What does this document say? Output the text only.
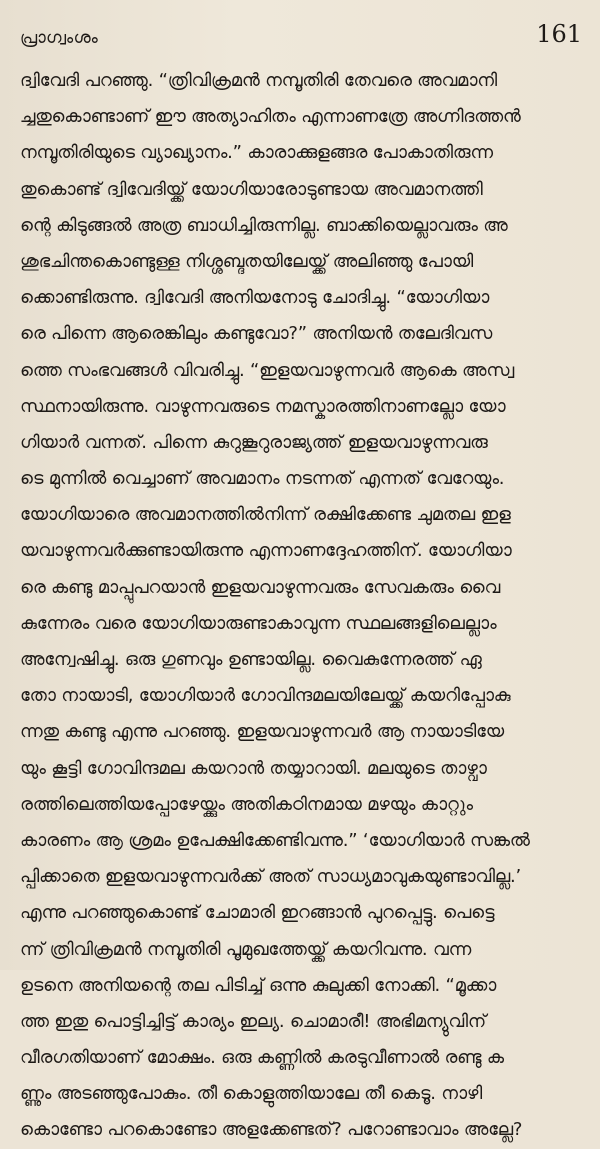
പ്രാഗ്വംശം	161
ദ്വിവേദി പറഞ്ഞു. “ത്രിവിക്രമൻ നമ്പൂതിരി തേവരെ അവമാനി
ച്ചതുകൊണ്ടാണ് ഈ അത്യാഹിതം എന്നാണത്രേ അഗ്നിദത്തൻ
നമ്പൂതിരിയുടെ വ്യാഖ്യാനം.” കാരാക്കുളങ്ങര പോകാതിരുന്ന
തുകൊണ്ട് ദ്വിവേദിയ്ക്ക് യോഗിയാരോടുണ്ടായ അവമാനത്തി
ന്റെ കിടുങ്ങൽ അത്ര ബാധിച്ചിരുന്നില്ല. ബാക്കിയെല്ലാവരും അ
ശുഭചിന്തകൊണ്ടുള്ള നിശ്ശബ്ദതയിലേയ്ക്ക് അലിഞ്ഞു പോയി
ക്കൊണ്ടിരുന്നു. ദ്വിവേദി അനിയനോടു ചോദിച്ചു. “യോഗിയാ
രെ പിന്നെ ആരെങ്കിലും കണ്ടുവോ?” അനിയൻ തലേദിവസ
ത്തെ സംഭവങ്ങൾ വിവരിച്ചു. “ഇളയവാഴുന്നവർ ആകെ അസ്വ
സ്ഥനായിരുന്നു. വാഴുന്നവരുടെ നമസ്കാരത്തിനാണല്ലോ യോ
ഗിയാർ വന്നത്. പിന്നെ കുറുങ്കൂറുരാജ്യത്ത് ഇളയവാഴുന്നവരു
ടെ മുന്നിൽ വെച്ചാണ് അവമാനം നടന്നത് എന്നത് വേറേയും.
യോഗിയാരെ അവമാനത്തിൽനിന്ന് രക്ഷിക്കേണ്ട ചുമതല ഇള
യവാഴുന്നവർക്കുണ്ടായിരുന്നു എന്നാണദ്ദേഹത്തിന്. യോഗിയാ
രെ കണ്ടു മാപ്പുപറയാൻ ഇളയവാഴുന്നവരും സേവകരും വൈ
കുന്നേരം വരെ യോഗിയാരുണ്ടാകാവുന്ന സ്ഥലങ്ങളിലെല്ലാം
അന്വേഷിച്ചു. ഒരു ഗുണവും ഉണ്ടായില്ല. വൈകുന്നേരത്ത് ഏ
തോ നായാടി, യോഗിയാർ ഗോവിന്ദമലയിലേയ്ക്ക് കയറിപ്പോകു
ന്നതു കണ്ടു എന്നു പറഞ്ഞു. ഇളയവാഴുന്നവർ ആ നായാടിയേ
യും കൂട്ടി ഗോവിന്ദമല കയറാൻ തയ്യാറായി. മലയുടെ താഴ്വാ
രത്തിലെത്തിയപ്പോഴേയ്ക്കും അതികഠിനമായ മഴയും കാറ്റും
കാരണം ആ ശ്രമം ഉപേക്ഷിക്കേണ്ടിവന്നു.” ‘യോഗിയാർ സങ്കൽ
പ്പിക്കാതെ ഇളയവാഴുന്നവർക്ക് അത് സാധ്യമാവുകയുണ്ടാവില്ല.’
എന്നു പറഞ്ഞുകൊണ്ട് ചോമാരി ഇറങ്ങാൻ പുറപ്പെട്ടു. പെട്ടെ
ന്ന് ത്രിവിക്രമൻ നമ്പൂതിരി പൂമുഖത്തേയ്ക്ക് കയറിവന്നു. വന്ന
ഉടനെ അനിയന്റെ തല പിടിച്ച് ഒന്നു കുലുക്കി നോക്കി. “മൂക്കാ
ത്ത ഇതു പൊട്ടിച്ചിട്ട് കാര്യം ഇല്യ. ചൊമാരീ! അഭിമന്യുവിന്
വീരഗതിയാണ് മോക്ഷം. ഒരു കണ്ണിൽ കരടുവീണാൽ രണ്ടു ക
ണ്ണും അടഞ്ഞുപോകും. തീ കൊളുത്തിയാലേ തീ കെടൂ. നാഴി
കൊണ്ടോ പറകൊണ്ടോ അളക്കേണ്ടത്? പറോണ്ടാവാം അല്ലേ?
